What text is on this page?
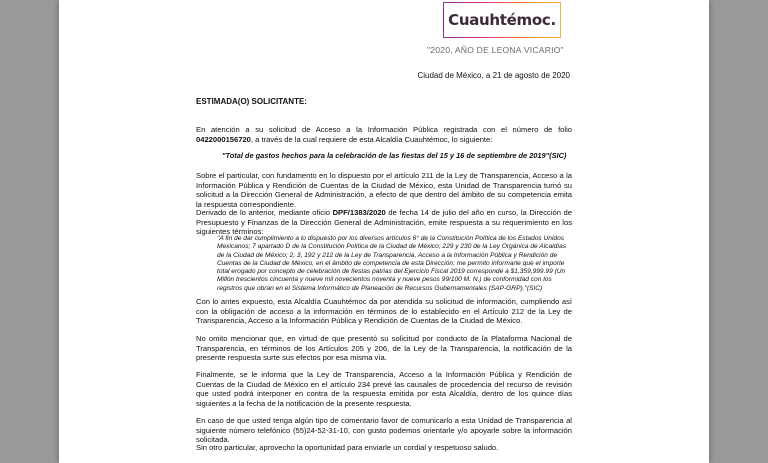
Cuauhtémoc.
"2020, AÑO DE LEONA VICARIO"
Ciudad de México, a 21 de agosto de 2020
ESTIMADA(O) SOLICITANTE:

En atención a su solicitud de Acceso a la Información Pública registrada con el número de folio 0422000156720, a través de la cual requiere de esta Alcaldía Cuauhtémoc, lo siguiente:

"Total de gastos hechos para la celebración de las fiestas del 15 y 16 de septiembre de 2019"(SIC)

Sobre el particular, con fundamento en lo dispuesto por el artículo 211 de la Ley de Transparencia, Acceso a la Información Pública y Rendición de Cuentas de la Ciudad de México, esta Unidad de Transparencia turnó su solicitud a la Dirección General de Administración, a efecto de que dentro del ámbito de su competencia emita la respuesta correspondiente.

Derivado de lo anterior, mediante oficio DPF/1383/2020 de fecha 14 de julio del año en curso, la Dirección de Presupuesto y Finanzas de la Dirección General de Administración, emite respuesta a su requerimiento en los siguientes términos:

"A fin de dar cumplimiento a lo dispuesto por los diversos artículos 6° de la Constitución Política de los Estados Unidos Mexicanos; 7 apartado D de la Constitución Política de la Ciudad de México; 229 y 230 de la Ley Orgánica de Alcaldías de la Ciudad de México; 2, 3, 192 y 212 de la Ley de Transparencia, Acceso a la Información Pública y Rendición de Cuentas de la Ciudad de México, en el ámbito de competencia de esta Dirección; me permito informarle que el importe total erogado por concepto de celebración de fiestas patrias del Ejercicio Fiscal 2019 corresponde a $1,359,999.99 (Un Millón trescientos cincuenta y nueve mil novecientos noventa y nueve pesos 99/100 M. N.) de conformidad con los registros que obran en el Sistema Informático de Planeación de Recursos Gubernamentales (SAP-GRP)."(SIC)

Con lo antes expuesto, esta Alcaldía Cuauhtémoc da por atendida su solicitud de información, cumpliendo así con la obligación de acceso a la información en términos de lo establecido en el Artículo 212 de la Ley de Transparencia, Acceso a la Información Pública y Rendición de Cuentas de la Ciudad de México.

No omito mencionar que, en virtud de que presentó su solicitud por conducto de la Plataforma Nacional de Transparencia, en términos de los Artículos 205 y 206, de la Ley de la Transparencia, la notificación de la presente respuesta surte sus efectos por esa misma vía.

Finalmente, se le informa que la Ley de Transparencia, Acceso a la Información Pública y Rendición de Cuentas de la Ciudad de México en el artículo 234 prevé las causales de procedencia del recurso de revisión que usted podrá interponer en contra de la respuesta emitida por esta Alcaldía, dentro de los quince días siguientes a la fecha de la notificación de la presente respuesta.

En caso de que usted tenga algún tipo de comentario favor de comunicarlo a esta Unidad de Transparencia al siguiente número telefónico (55)24-52-31-10, con gusto podemos orientarle y/o apoyarle sobre la información solicitada.

Sin otro particular, aprovecho la oportunidad para enviarle un cordial y respetuoso saludo.
